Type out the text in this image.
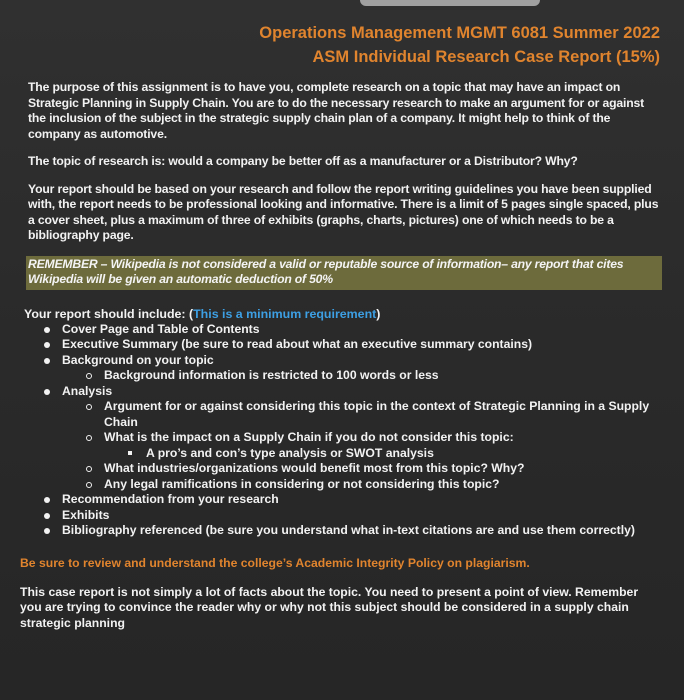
Operations Management MGMT 6081 Summer 2022
ASM Individual Research Case Report (15%)
The purpose of this assignment is to have you, complete research on a topic that may have an impact on Strategic Planning in Supply Chain. You are to do the necessary research to make an argument for or against the inclusion of the subject in the strategic supply chain plan of a company. It might help to think of the company as automotive.
The topic of research is: would a company be better off as a manufacturer or a Distributor? Why?
Your report should be based on your research and follow the report writing guidelines you have been supplied with, the report needs to be professional looking and informative. There is a limit of 5 pages single spaced, plus a cover sheet, plus a maximum of three of exhibits (graphs, charts, pictures) one of which needs to be a bibliography page.
REMEMBER – Wikipedia is not considered a valid or reputable source of information– any report that cites Wikipedia will be given an automatic deduction of 50%
Your report should include: (This is a minimum requirement)
Cover Page and Table of Contents
Executive Summary (be sure to read about what an executive summary contains)
Background on your topic
Background information is restricted to 100 words or less
Analysis
Argument for or against considering this topic in the context of Strategic Planning in a Supply Chain
What is the impact on a Supply Chain if you do not consider this topic:
A pro’s and con’s type analysis or SWOT analysis
What industries/organizations would benefit most from this topic? Why?
Any legal ramifications in considering or not considering this topic?
Recommendation from your research
Exhibits
Bibliography referenced (be sure you understand what in-text citations are and use them correctly)
Be sure to review and understand the college’s Academic Integrity Policy on plagiarism.
This case report is not simply a lot of facts about the topic. You need to present a point of view. Remember you are trying to convince the reader why or why not this subject should be considered in a supply chain strategic planning
